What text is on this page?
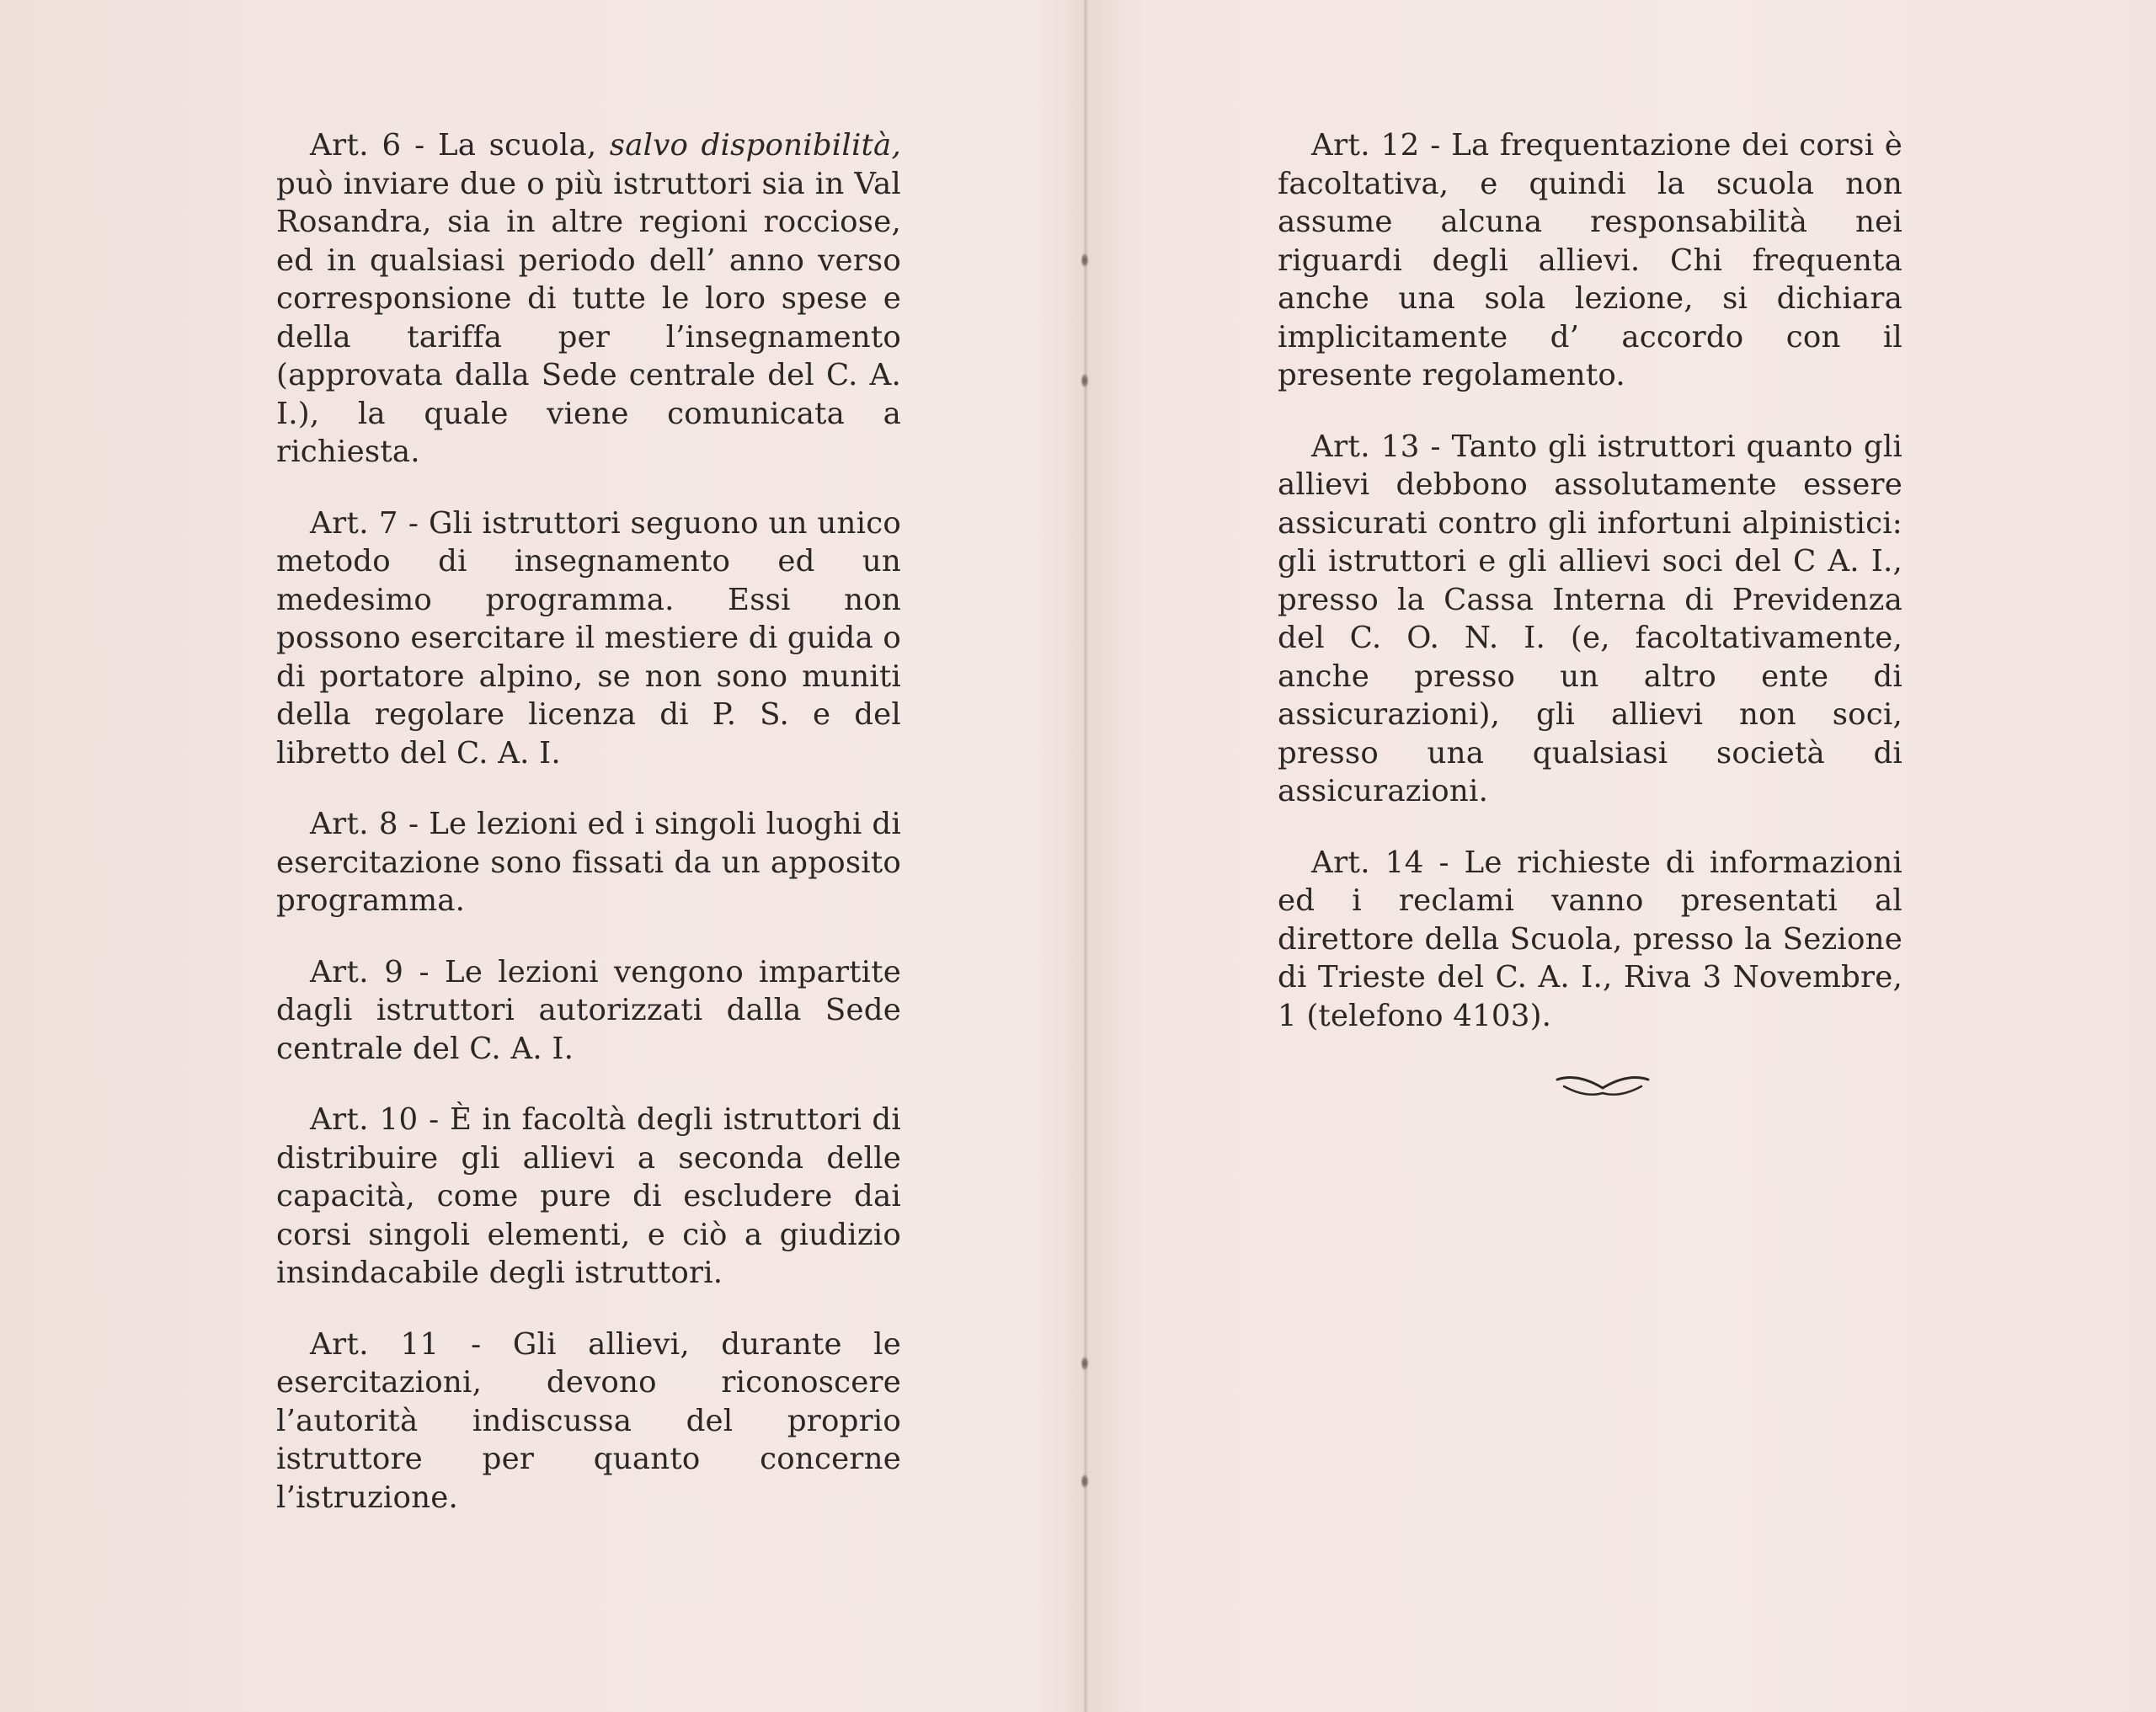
Art. 6 - La scuola, salvo disponibilità, può inviare due o più istruttori sia in Val Rosandra, sia in altre regioni rocciose, ed in qualsiasi periodo dell’ anno verso corresponsione di tutte le loro spese e della tariffa per l’insegnamento (approvata dalla Sede centrale del C. A. I.), la quale viene comunicata a richiesta.

Art. 7 - Gli istruttori seguono un unico metodo di insegnamento ed un medesimo programma. Essi non possono esercitare il mestiere di guida o di portatore alpino, se non sono muniti della regolare licenza di P. S. e del libretto del C. A. I.

Art. 8 - Le lezioni ed i singoli luoghi di esercitazione sono fissati da un apposito programma.

Art. 9 - Le lezioni vengono impartite dagli istruttori autorizzati dalla Sede centrale del C. A. I.

Art. 10 - È in facoltà degli istruttori di distribuire gli allievi a seconda delle capacità, come pure di escludere dai corsi singoli elementi, e ciò a giudizio insindacabile degli istruttori.

Art. 11 - Gli allievi, durante le esercitazioni, devono riconoscere l’autorità indiscussa del proprio istruttore per quanto concerne l’istruzione.

Art. 12 - La frequentazione dei corsi è facoltativa, e quindi la scuola non assume alcuna responsabilità nei riguardi degli allievi. Chi frequenta anche una sola lezione, si dichiara implicitamente d’ accordo con il presente regolamento.

Art. 13 - Tanto gli istruttori quanto gli allievi debbono assolutamente essere assicurati contro gli infortuni alpinistici: gli istruttori e gli allievi soci del C A. I., presso la Cassa Interna di Previdenza del C. O. N. I. (e, facoltativamente, anche presso un altro ente di assicurazioni), gli allievi non soci, presso una qualsiasi società di assicurazioni.

Art. 14 - Le richieste di informazioni ed i reclami vanno presentati al direttore della Scuola, presso la Sezione di Trieste del C. A. I., Riva 3 Novembre, 1 (telefono 4103).
